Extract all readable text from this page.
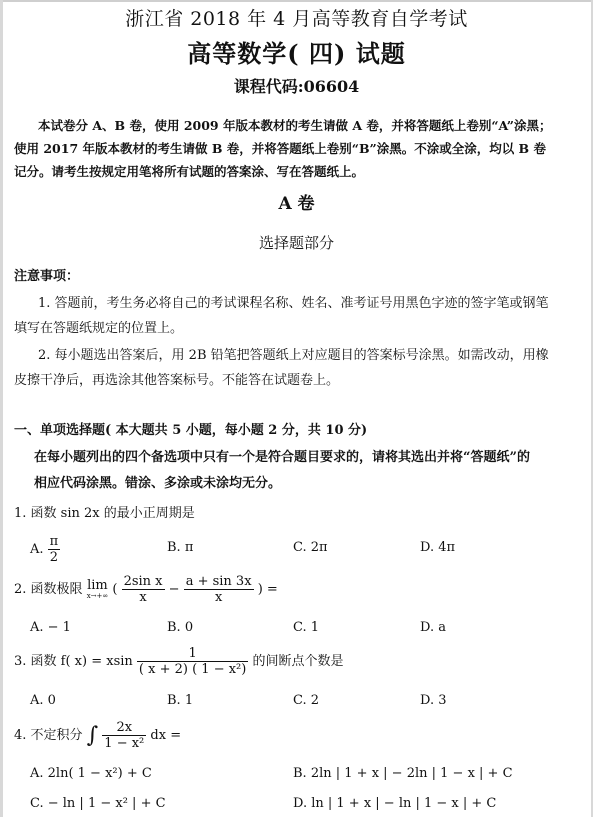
浙江省 2018 年 4 月高等教育自学考试
高等数学( 四) 试题
课程代码:06604
本试卷分 A、B 卷，使用 2009 年版本教材的考生请做 A 卷，并将答题纸上卷别“A”涂黑；
使用 2017 年版本教材的考生请做 B 卷，并将答题纸上卷别“B”涂黑。不涂或全涂，均以 B 卷
记分。请考生按规定用笔将所有试题的答案涂、写在答题纸上。
A 卷
选择题部分
注意事项：
1. 答题前，考生务必将自己的考试课程名称、姓名、准考证号用黑色字迹的签字笔或钢笔
填写在答题纸规定的位置上。
2. 每小题选出答案后，用 2B 铅笔把答题纸上对应题目的答案标号涂黑。如需改动，用橡
皮擦干净后，再选涂其他答案标号。不能答在试题卷上。
一、单项选择题( 本大题共 5 小题，每小题 2 分，共 10 分)
在每小题列出的四个备选项中只有一个是符合题目要求的，请将其选出并将“答题纸”的
相应代码涂黑。错涂、多涂或未涂均无分。
1. 函数 sin 2x 的最小正周期是
A. $\frac{\pi}{2}$	B. π	C. 2π	D. 4π
2. 函数极限 lim
x→+∞ ( $\frac{\text{2sin x}}{x} - \frac{a + \sin 3x}{x}$ ) =
A. − 1	B. 0	C. 1	D. a
3. 函数 f( x) = xsin $\frac{1}{\text{( x + 2) ( 1 − x²)}}$ 的间断点个数是
A. 0	B. 1	C. 2	D. 3
4. 不定积分 ∫ $\frac{2x}{\text{1 − x²}}$ dx =
A. 2ln( 1 − x²) + C	B. 2ln | 1 + x | − 2ln | 1 − x | + C
C. − ln | 1 − x² | + C	D. ln | 1 + x | − ln | 1 − x | + C
